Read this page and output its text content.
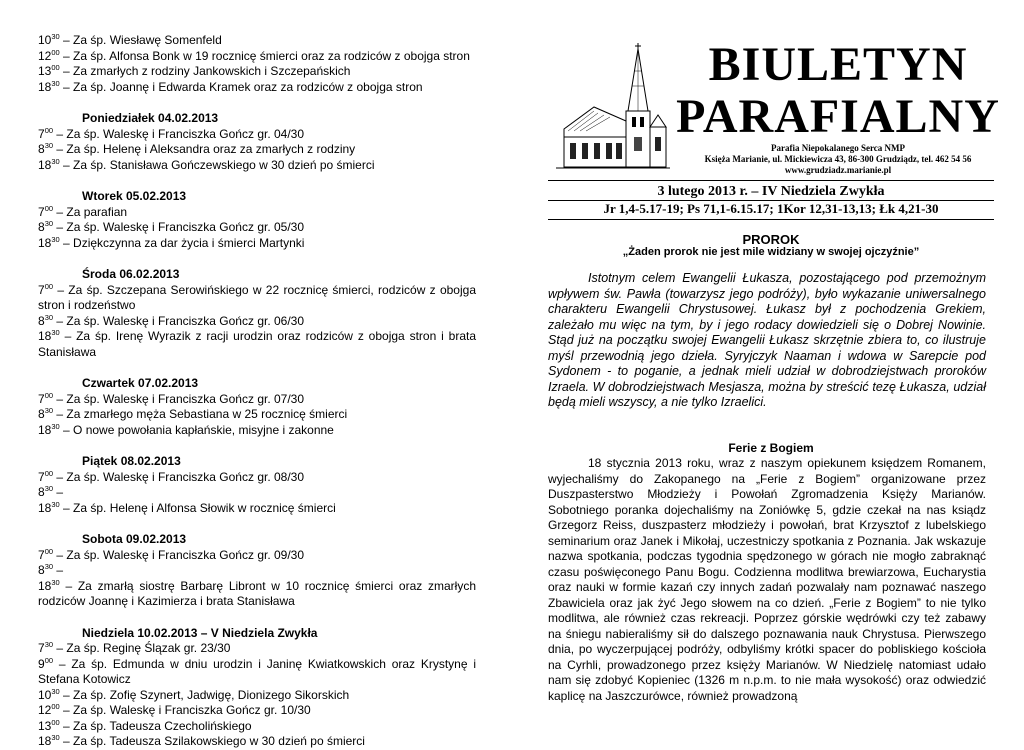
$10^{30}$ – Za śp. Wiesławę Somenfeld
$12^{00}$ – Za śp. Alfonsa Bonk w 19 rocznicę śmierci oraz za rodziców z obojga stron
$13^{00}$ – Za zmarłych z rodziny Jankowskich i Szczepańskich
$18^{30}$ – Za śp. Joannę i Edwarda Kramek oraz za rodziców z obojga stron
Poniedziałek 04.02.2013
$7^{00}$ – Za śp. Waleskę i Franciszka Gończ gr. 04/30
$8^{30}$ – Za śp. Helenę i Aleksandra oraz za zmarłych z rodziny
$18^{30}$ – Za śp. Stanisława Gończewskiego w 30 dzień po śmierci
Wtorek 05.02.2013
$7^{00}$ – Za parafian
$8^{30}$ – Za śp. Waleskę i Franciszka Gończ gr. 05/30
$18^{30}$ – Dziękczynna za dar życia i śmierci Martynki
Środa 06.02.2013
$7^{00}$ – Za śp. Szczepana Serowińskiego w 22 rocznicę śmierci, rodziców z obojga stron i rodzeństwo
$8^{30}$ – Za śp. Waleskę i Franciszka Gończ gr. 06/30
$18^{30}$ – Za śp. Irenę Wyrazik z racji urodzin oraz rodziców z obojga stron i brata Stanisława
Czwartek 07.02.2013
$7^{00}$ – Za śp. Waleskę i Franciszka Gończ gr. 07/30
$8^{30}$ – Za zmarłego męża Sebastiana w 25 rocznicę śmierci
$18^{30}$ – O nowe powołania kapłańskie, misyjne i zakonne
Piątek 08.02.2013
$7^{00}$ – Za śp. Waleskę i Franciszka Gończ gr. 08/30
$8^{30}$ –
$18^{30}$ – Za śp. Helenę i Alfonsa Słowik w rocznicę śmierci
Sobota 09.02.2013
$7^{00}$ – Za śp. Waleskę i Franciszka Gończ gr. 09/30
$8^{30}$ –
$18^{30}$ – Za zmarłą siostrę Barbarę Libront w 10 rocznicę śmierci oraz zmarłych rodziców Joannę i Kazimierza i brata Stanisława
Niedziela 10.02.2013 – V Niedziela Zwykła
$7^{30}$ – Za śp. Reginę Ślązak gr. 23/30
$9^{00}$ – Za śp. Edmunda w dniu urodzin i Janinę Kwiatkowskich oraz Krystynę i Stefana Kotowicz
$10^{30}$ – Za śp. Zofię Szynert, Jadwigę, Dionizego Sikorskich
$12^{00}$ – Za śp. Waleskę i Franciszka Gończ gr. 10/30
$13^{00}$ – Za śp. Tadeusza Czecholińskiego
$18^{30}$ – Za śp. Tadeusza Szilakowskiego w 30 dzień po śmierci
BIULETYN
PARAFIALNY
Parafia Niepokalanego Serca NMP
Księża Marianie, ul. Mickiewicza 43, 86-300 Grudziądz, tel. 462 54 56
www.grudziadz.marianie.pl
3 lutego 2013 r. – IV Niedziela Zwykła
Jr 1,4-5.17-19; Ps 71,1-6.15.17; 1Kor 12,31-13,13; Łk 4,21-30
PROROK
„Żaden prorok nie jest mile widziany w swojej ojczyźnie”
Istotnym celem Ewangelii Łukasza, pozostającego pod przemożnym wpływem św. Pawła (towarzysz jego podróży), było wykazanie uniwersalnego charakteru Ewangelii Chrystusowej. Łukasz był z pochodzenia Grekiem, zależało mu więc na tym, by i jego rodacy dowiedzieli się o Dobrej Nowinie. Stąd już na początku swojej Ewangelii Łukasz skrzętnie zbiera to, co ilustruje myśl przewodnią jego dzieła. Syryjczyk Naaman i wdowa w Sarepcie pod Sydonem - to poganie, a jednak mieli udział w dobrodziejstwach proroków Izraela. W dobrodziejstwach Mesjasza, można by streścić tezę Łukasza, udział będą mieli wszyscy, a nie tylko Izraelici.
Ferie z Bogiem
18 stycznia 2013 roku, wraz z naszym opiekunem księdzem Romanem, wyjechaliśmy do Zakopanego na „Ferie z Bogiem” organizowane przez Duszpasterstwo Młodzieży i Powołań Zgromadzenia Księży Marianów. Sobotniego poranka dojechaliśmy na Zoniówkę 5, gdzie czekał na nas ksiądz Grzegorz Reiss, duszpasterz młodzieży i powołań, brat Krzysztof z lubelskiego seminarium oraz Janek i Mikołaj, uczestniczy spotkania z Poznania. Jak wskazuje nazwa spotkania, podczas tygodnia spędzonego w górach nie mogło zabraknąć czasu poświęconego Panu Bogu. Codzienna modlitwa brewiarzowa, Eucharystia oraz nauki w formie kazań czy innych zadań pozwalały nam poznawać naszego Zbawiciela oraz jak żyć Jego słowem na co dzień. „Ferie z Bogiem” to nie tylko modlitwa, ale również czas rekreacji. Poprzez górskie wędrówki czy też zabawy na śniegu nabieraliśmy sił do dalszego poznawania nauk Chrystusa. Pierwszego dnia, po wyczerpującej podróży, odbyliśmy krótki spacer do pobliskiego kościoła na Cyrhli, prowadzonego przez księży Marianów. W Niedzielę natomiast udało nam się zdobyć Kopieniec (1326 m n.p.m. to nie mała wysokość) oraz odwiedzić kaplicę na Jaszczurówce, również prowadzoną
